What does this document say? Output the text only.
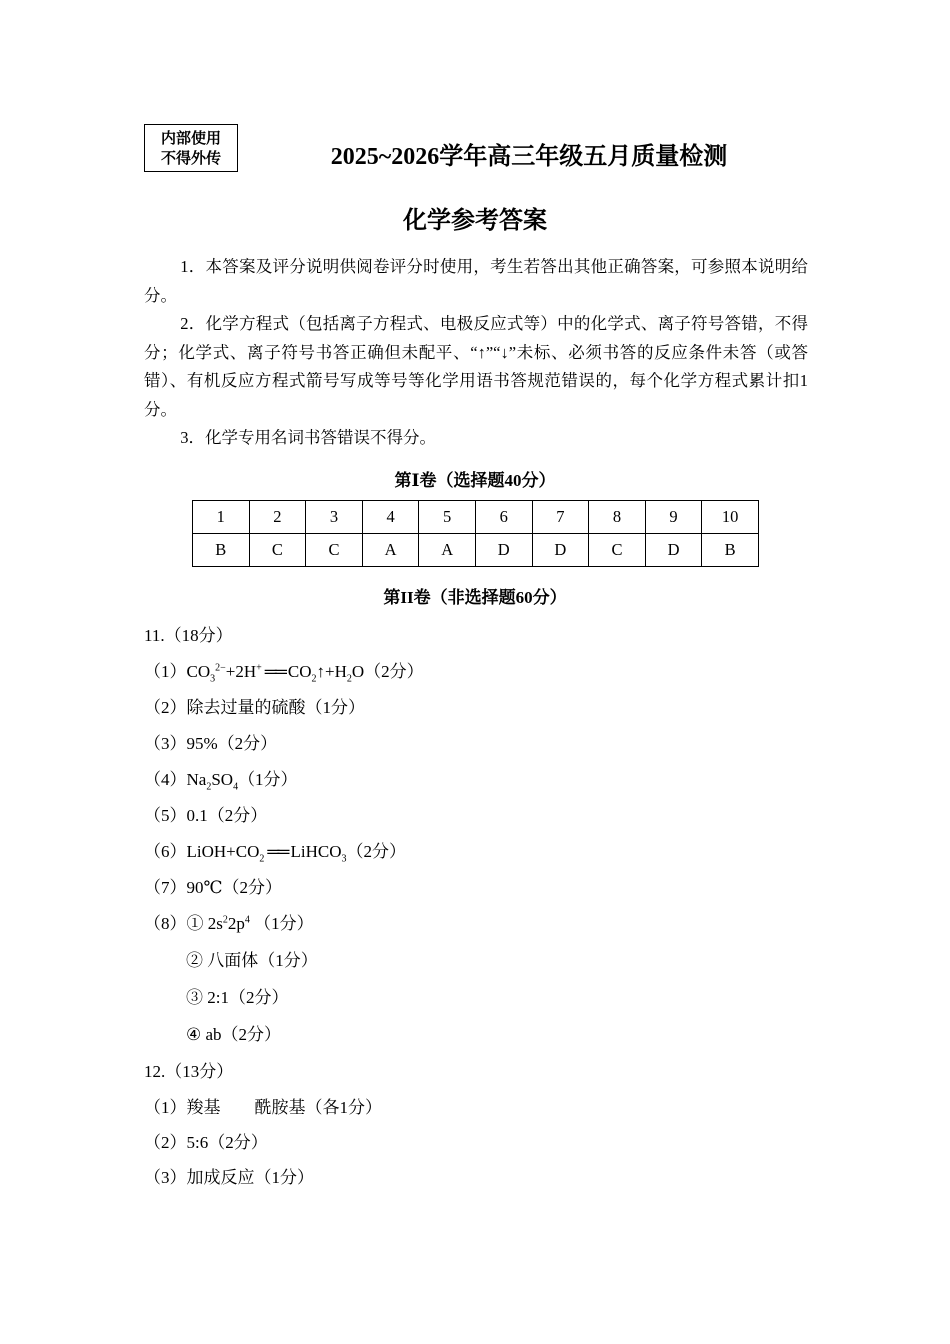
内部使用
不得外传	2025~2026学年高三年级五月质量检测
化学参考答案

1．本答案及评分说明供阅卷评分时使用，考生若答出其他正确答案，可参照本说明给分。

2．化学方程式（包括离子方程式、电极反应式等）中的化学式、离子符号答错，不得分；化学式、离子符号书答正确但未配平、“↑”“↓”未标、必须书答的反应条件未答（或答错）、有机反应方程式箭号写成等号等化学用语书答规范错误的，每个化学方程式累计扣1分。

3．化学专用名词书答错误不得分。

第Ⅰ卷（选择题40分）
1	2	3	4	5	6	7	8	9	10
B	C	C	A	A	D	D	C	D	B
第II卷（非选择题60分）
11.（18分）
$(1)CO_3^{2-}+2H^+$ ══ $CO_2↑+H_2O(2$分）
（2）除去过量的硫酸（1分）
（3）95%（2分）
$(4)Na_2SO_4(1$分）
（5）0.1（2分）
$(6)LiOH+CO_2$ ══ LiHCO$_3$（2分）
（7）90℃（2分）
（8）① $2s^22p^4$ （1分）
② 八面体（1分）
③ 2:1（2分）
④ ab（2分）
12.（13分）
（1）羧基　　酰胺基（各1分）
（2）5:6（2分）
（3）加成反应（1分）
